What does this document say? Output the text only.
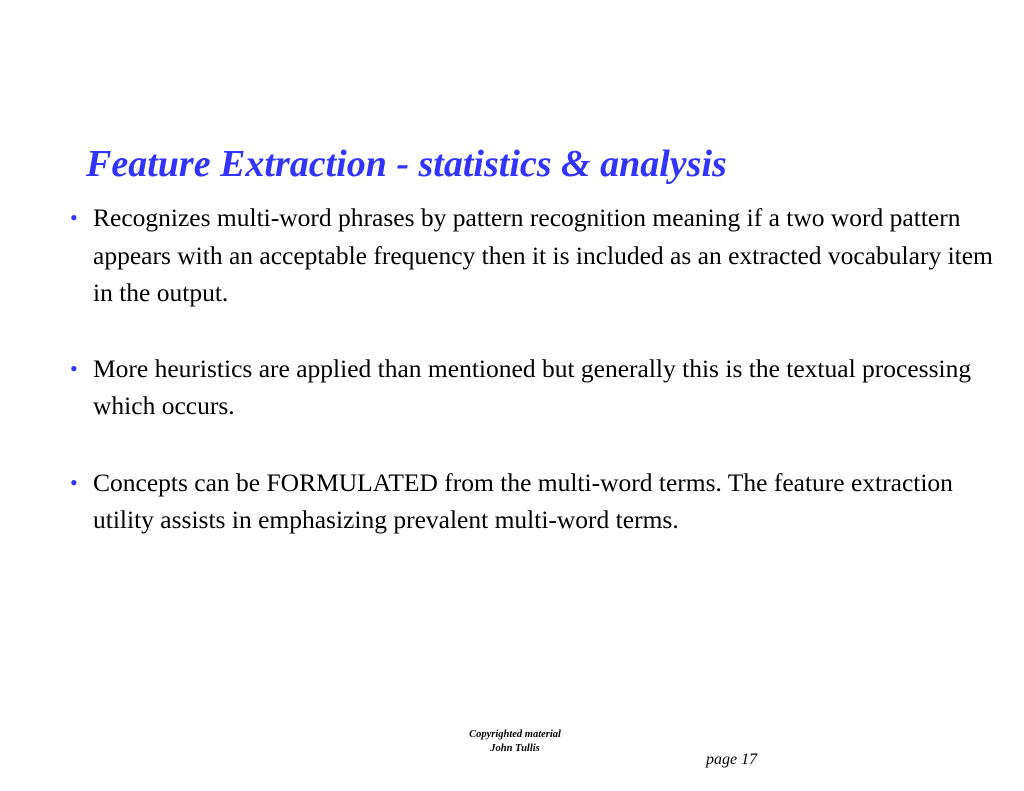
Feature Extraction - statistics & analysis
• Recognizes multi-word phrases by pattern recognition meaning if a two word pattern appears with an acceptable frequency then it is included as an extracted vocabulary item in the output.
• More heuristics are applied than mentioned but generally this is the textual processing which occurs.
• Concepts can be FORMULATED from the multi-word terms. The feature extraction utility assists in emphasizing prevalent multi-word terms.
Copyrighted material
John Tullis
page 17
